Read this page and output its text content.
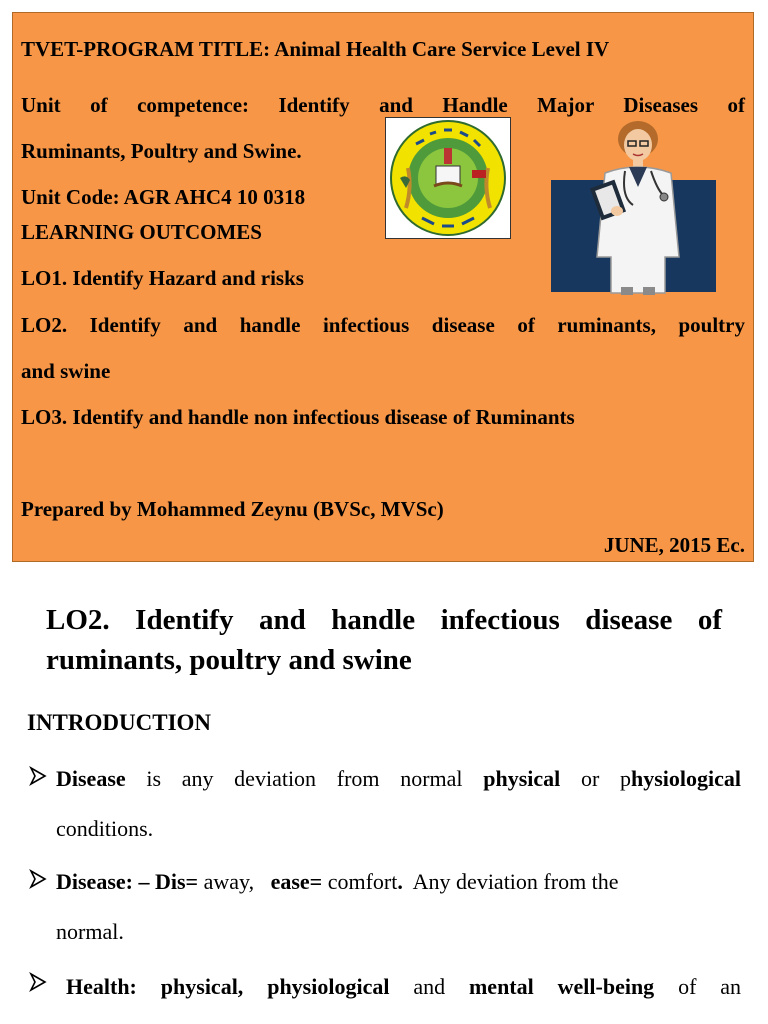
TVET-PROGRAM TITLE: Animal Health Care Service Level IV
Unit of competence: Identify and Handle Major Diseases of
Ruminants, Poultry and Swine.
Unit Code: AGR AHC4 10 0318
LEARNING OUTCOMES
LO1. Identify Hazard and risks
LO2. Identify and handle infectious disease of ruminants, poultry
and swine
LO3. Identify and handle non infectious disease of Ruminants
Prepared by Mohammed Zeynu (BVSc, MVSc)
JUNE, 2015 Ec.
LO2. Identify and handle infectious disease of
ruminants, poultry and swine
INTRODUCTION
Disease is any deviation from normal physical or physiological
conditions.
Disease: – Dis= away,   ease= comfort.  Any deviation from the
normal.
Health: physical, physiological and mental well-being of an
